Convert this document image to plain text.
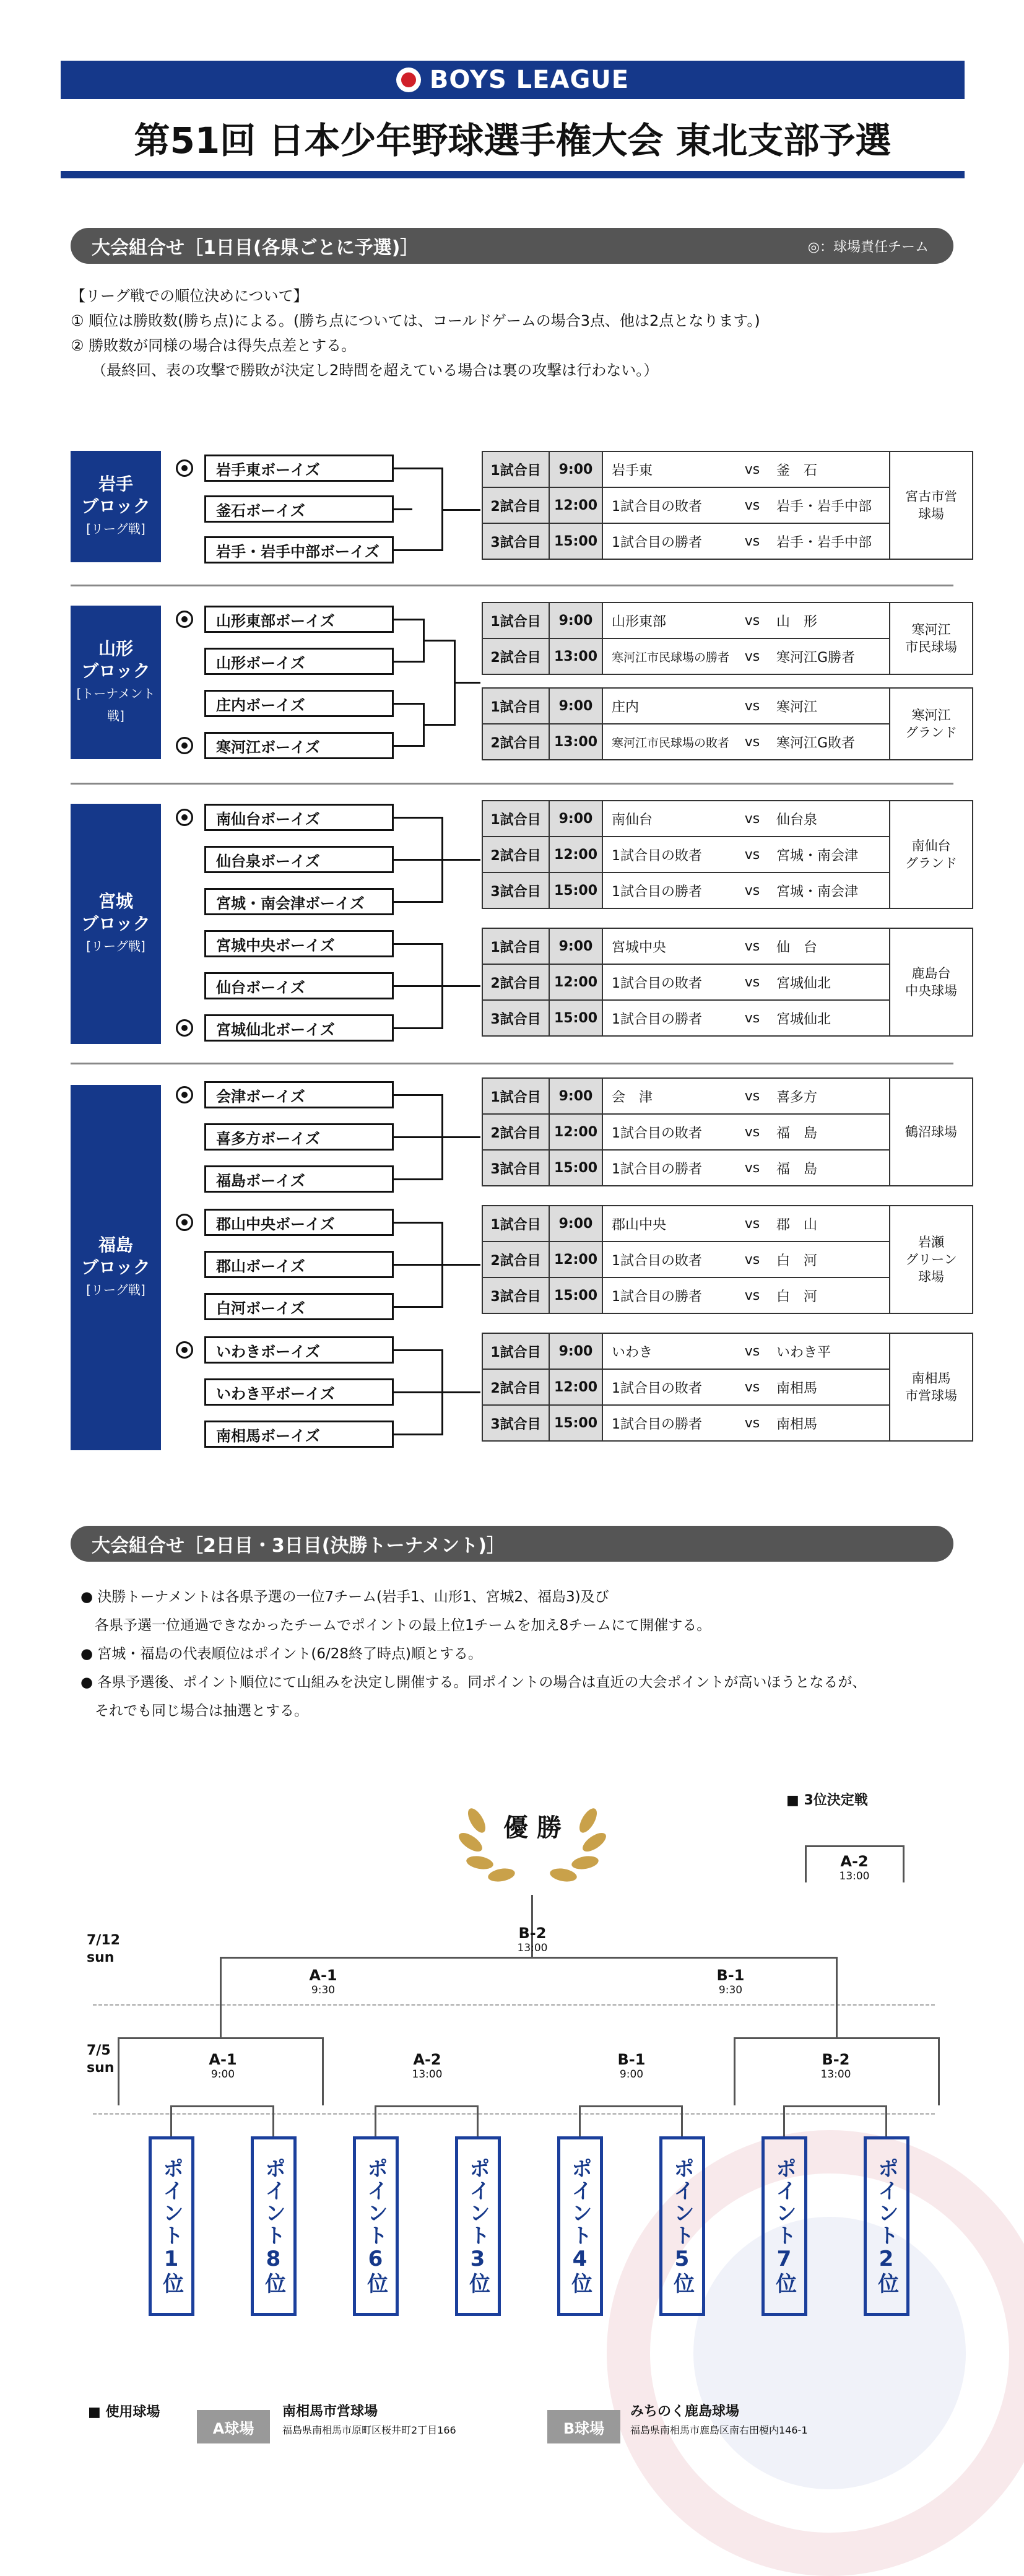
BOYS LEAGUE
第51回 日本少年野球選手権大会 東北支部予選
大会組合せ［1日目(各県ごとに予選)］	◎：球場責任チーム
【リーグ戦での順位決めについて】
① 順位は勝敗数(勝ち点)による。(勝ち点については、コールドゲームの場合3点、他は2点となります。)
② 勝敗数が同様の場合は得失点差とする。
（最終回、表の攻撃で勝敗が決定し2時間を超えている場合は裏の攻撃は行わない。）
岩手
ブロック
[リーグ戦]
岩手東ボーイズ
釜石ボーイズ
岩手・岩手中部ボーイズ
1試合目	9:00	岩手東	vs	釜　石	宮古市営
球場
2試合目	12:00	1試合目の敗者	vs	岩手・岩手中部	
3試合目	15:00	1試合目の勝者	vs	岩手・岩手中部	
山形
ブロック
[トーナメント戦]
山形東部ボーイズ
山形ボーイズ
庄内ボーイズ
寒河江ボーイズ
1試合目	9:00	山形東部	vs	山　形	寒河江
市民球場
2試合目	13:00	寒河江市民球場の勝者	vs	寒河江G勝者	
1試合目	9:00	庄内	vs	寒河江	寒河江
グランド
2試合目	13:00	寒河江市民球場の敗者	vs	寒河江G敗者	
宮城
ブロック
[リーグ戦]
南仙台ボーイズ
仙台泉ボーイズ
宮城・南会津ボーイズ
宮城中央ボーイズ
仙台ボーイズ
宮城仙北ボーイズ
1試合目	9:00	南仙台	vs	仙台泉	南仙台
グランド
2試合目	12:00	1試合目の敗者	vs	宮城・南会津	
3試合目	15:00	1試合目の勝者	vs	宮城・南会津	
1試合目	9:00	宮城中央	vs	仙　台	鹿島台
中央球場
2試合目	12:00	1試合目の敗者	vs	宮城仙北	
3試合目	15:00	1試合目の勝者	vs	宮城仙北	
福島
ブロック
[リーグ戦]
会津ボーイズ
喜多方ボーイズ
福島ボーイズ
郡山中央ボーイズ
郡山ボーイズ
白河ボーイズ
いわきボーイズ
いわき平ボーイズ
南相馬ボーイズ
1試合目	9:00	会　津	vs	喜多方	鶴沼球場
2試合目	12:00	1試合目の敗者	vs	福　島	
3試合目	15:00	1試合目の勝者	vs	福　島	
1試合目	9:00	郡山中央	vs	郡　山	岩瀬
グリーン
球場
2試合目	12:00	1試合目の敗者	vs	白　河	
3試合目	15:00	1試合目の勝者	vs	白　河	
1試合目	9:00	いわき	vs	いわき平	南相馬
市営球場
2試合目	12:00	1試合目の敗者	vs	南相馬	
3試合目	15:00	1試合目の勝者	vs	南相馬	
大会組合せ［2日目・3日目(決勝トーナメント)］
● 決勝トーナメントは各県予選の一位7チーム(岩手1、山形1、宮城2、福島3)及び
　各県予選一位通過できなかったチームでポイントの最上位1チームを加え8チームにて開催する。
● 宮城・福島の代表順位はポイント(6/28終了時点)順とする。
● 各県予選後、ポイント順位にて山組みを決定し開催する。同ポイントの場合は直近の大会ポイントが高いほうとなるが、
　それでも同じ場合は抽選とする。
優 勝
■ 3位決定戦
A-2
13:00
7/12
sun
7/5
sun
B-2
13:00
A-1
9:30
B-1
9:30
A-1
9:00
A-2
13:00
B-1
9:00
B-2
13:00
ポイント1位	ポイント8位	ポイント6位	ポイント3位	ポイント4位	ポイント5位	ポイント7位	ポイント2位
■ 使用球場
A球場
南相馬市営球場
福島県南相馬市原町区桜井町2丁目166	B球場
みちのく鹿島球場
福島県南相馬市鹿島区南右田榎内146-1
